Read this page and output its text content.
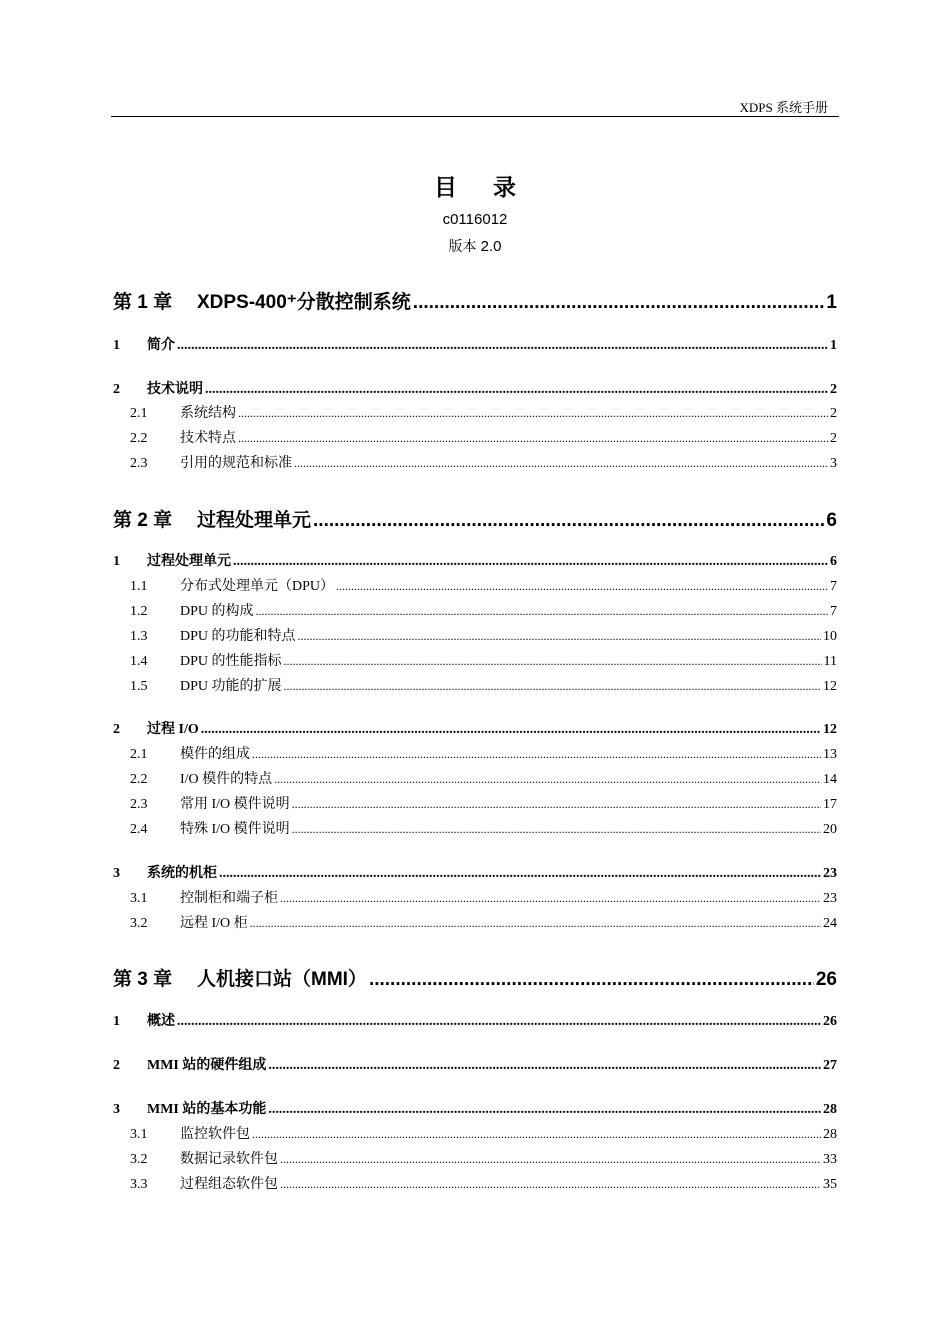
XDPS 系统手册
目录
c0116012
版本 2.0
第 1 章	XDPS-400⁺分散控制系统 .....	1
1	简介 .....	1
2	技术说明 .....	2
2.1	系统结构 .....	2
2.2	技术特点 .....	2
2.3	引用的规范和标准 .....	3
第 2 章	过程处理单元 .....	6
1	过程处理单元 .....	6
1.1	分布式处理单元（DPU） .....	7
1.2	DPU 的构成 .....	7
1.3	DPU 的功能和特点 .....	10
1.4	DPU 的性能指标 .....	11
1.5	DPU 功能的扩展 .....	12
2	过程 I/O .....	12
2.1	模件的组成 .....	13
2.2	I/O 模件的特点 .....	14
2.3	常用 I/O 模件说明 .....	17
2.4	特殊 I/O 模件说明 .....	20
3	系统的机柜 .....	23
3.1	控制柜和端子柜 .....	23
3.2	远程 I/O 柜 .....	24
第 3 章	人机接口站（MMI） .....	26
1	概述 .....	26
2	MMI 站的硬件组成 .....	27
3	MMI 站的基本功能 .....	28
3.1	监控软件包 .....	28
3.2	数据记录软件包 .....	33
3.3	过程组态软件包 .....	35
